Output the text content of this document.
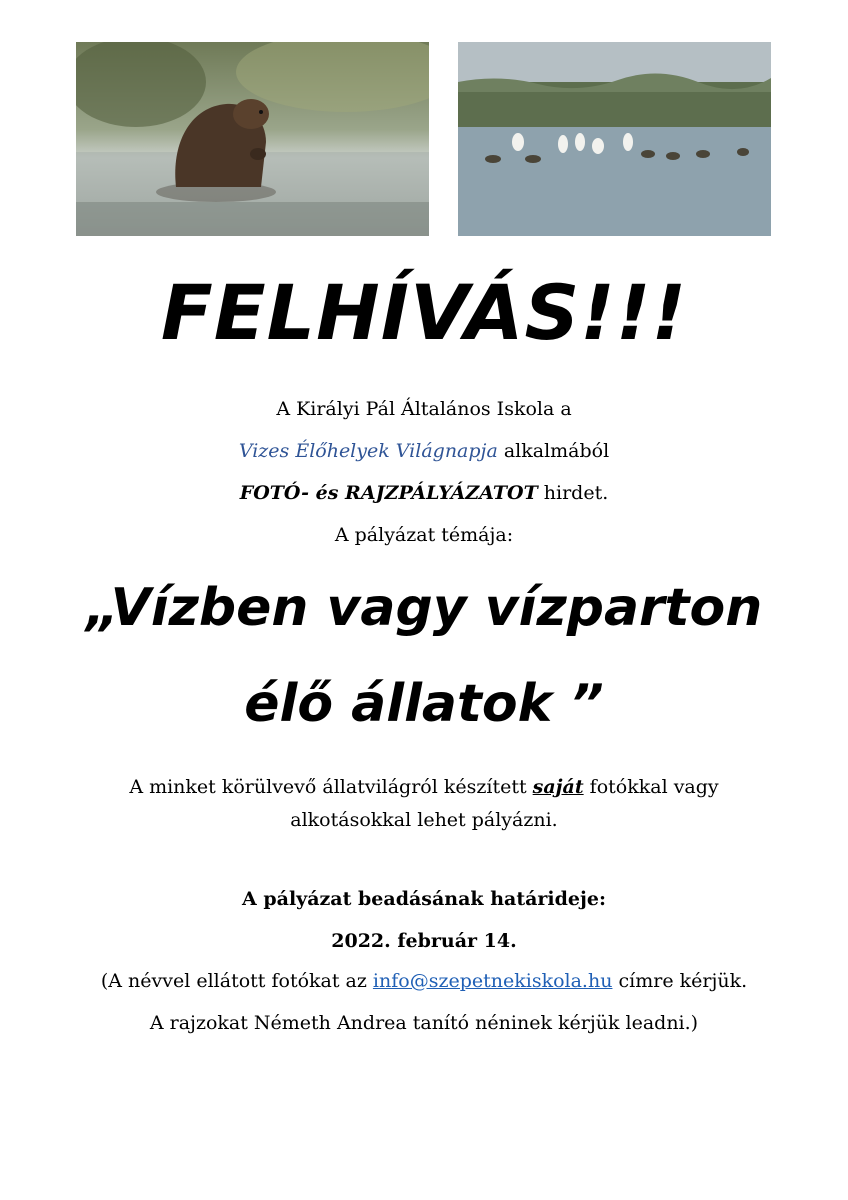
FELHÍVÁS!!!
A Királyi Pál Általános Iskola a
Vizes Élőhelyek Világnapja alkalmából
FOTÓ- és RAJZPÁLYÁZATOT hirdet.
A pályázat témája:
„Vízben vagy vízparton
élő állatok ”
A minket körülvevő állatvilágról készített saját fotókkal vagy
alkotásokkal lehet pályázni.
A pályázat beadásának határideje:
2022. február 14.
(A névvel ellátott fotókat az info@szepetnekiskola.hu címre kérjük.
A rajzokat Németh Andrea tanító néninek kérjük leadni.)
